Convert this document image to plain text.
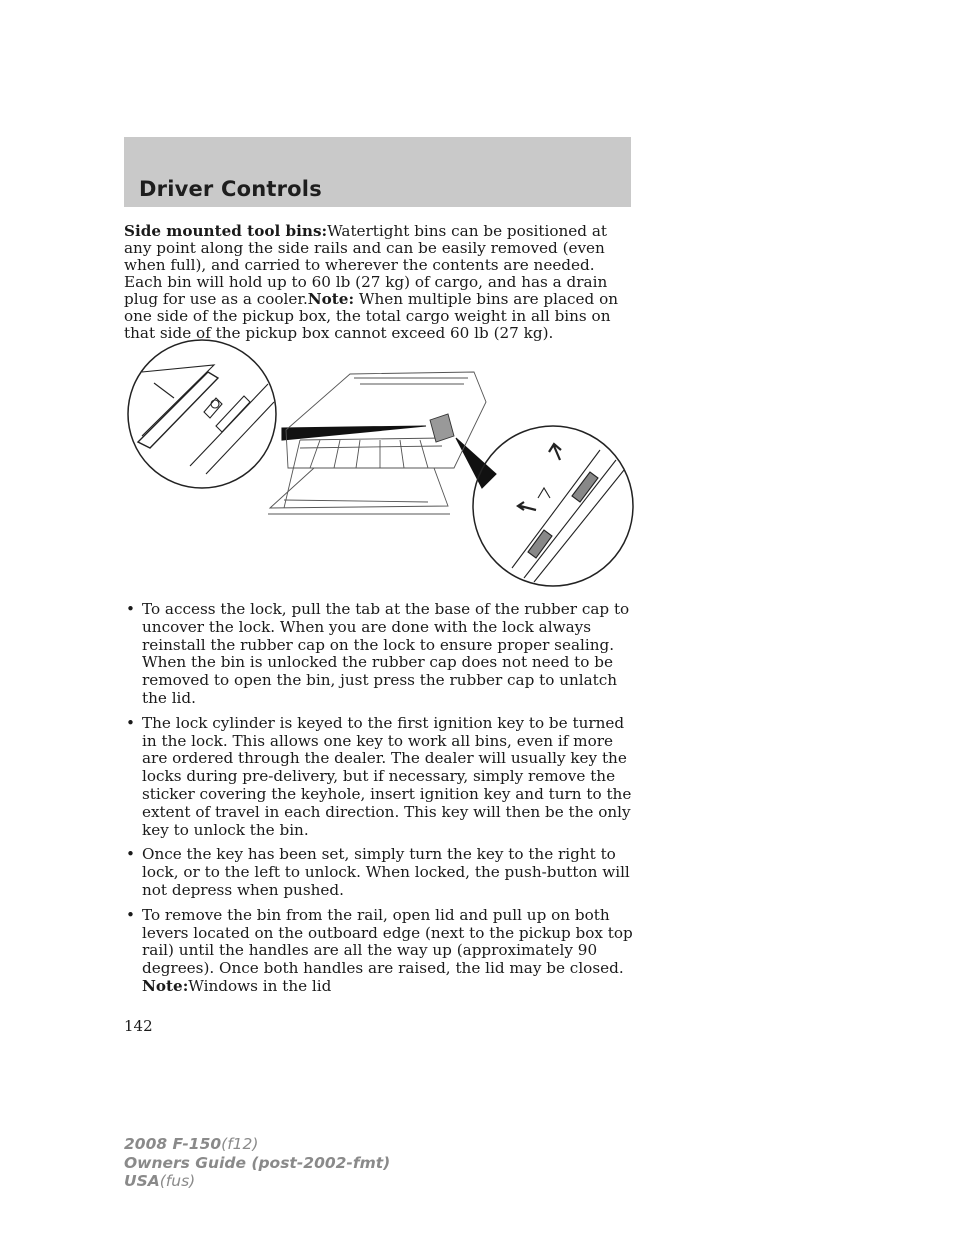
Driver Controls

Side mounted tool bins:Watertight bins can be positioned at any point along the side rails and can be easily removed (even when full), and carried to wherever the contents are needed. Each bin will hold up to 60 lb (27 kg) of cargo, and has a drain plug for use as a cooler.Note: When multiple bins are placed on one side of the pickup box, the total cargo weight in all bins on that side of the pickup box cannot exceed 60 lb (27 kg).

• To access the lock, pull the tab at the base of the rubber cap to uncover the lock. When you are done with the lock always reinstall the rubber cap on the lock to ensure proper sealing. When the bin is unlocked the rubber cap does not need to be removed to open the bin, just press the rubber cap to unlatch the lid.
• The lock cylinder is keyed to the first ignition key to be turned in the lock. This allows one key to work all bins, even if more are ordered through the dealer. The dealer will usually key the locks during pre-delivery, but if necessary, simply remove the sticker covering the keyhole, insert ignition key and turn to the extent of travel in each direction. This key will then be the only key to unlock the bin.
• Once the key has been set, simply turn the key to the right to lock, or to the left to unlock. When locked, the push-button will not depress when pushed.
• To remove the bin from the rail, open lid and pull up on both levers located on the outboard edge (next to the pickup box top rail) until the handles are all the way up (approximately 90 degrees). Once both handles are raised, the lid may be closed. Note:Windows in the lid
142
2008 F-150(f12)
Owners Guide (post-2002-fmt)
USA(fus)
